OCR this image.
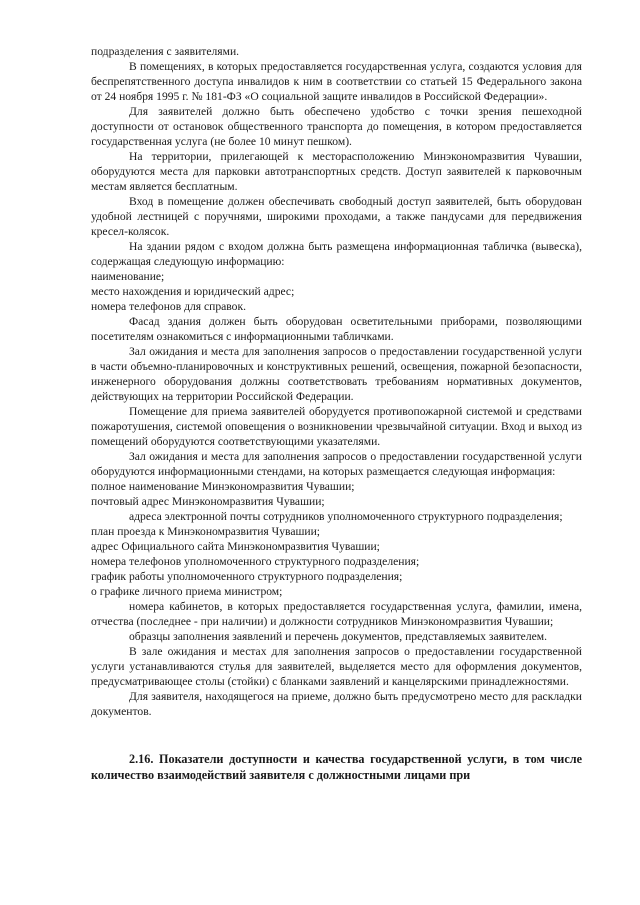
подразделения с заявителями.

В помещениях, в которых предоставляется государственная услуга, создаются условия для беспрепятственного доступа инвалидов к ним в соответствии со статьей 15 Федерального закона от 24 ноября 1995 г. № 181-ФЗ «О социальной защите инвалидов в Российской Федерации».

Для заявителей должно быть обеспечено удобство с точки зрения пешеходной доступности от остановок общественного транспорта до помещения, в котором предоставляется государственная услуга (не более 10 минут пешком).

На территории, прилегающей к месторасположению Минэкономразвития Чувашии, оборудуются места для парковки автотранспортных средств. Доступ заявителей к парковочным местам является бесплатным.

Вход в помещение должен обеспечивать свободный доступ заявителей, быть оборудован удобной лестницей с поручнями, широкими проходами, а также пандусами для передвижения кресел-колясок.

На здании рядом с входом должна быть размещена информационная табличка (вывеска), содержащая следующую информацию:

наименование;

место нахождения и юридический адрес;

номера телефонов для справок.

Фасад здания должен быть оборудован осветительными приборами, позволяющими посетителям ознакомиться с информационными табличками.

Зал ожидания и места для заполнения запросов о предоставлении государственной услуги в части объемно-планировочных и конструктивных решений, освещения, пожарной безопасности, инженерного оборудования должны соответствовать требованиям нормативных документов, действующих на территории Российской Федерации.

Помещение для приема заявителей оборудуется противопожарной системой и средствами пожаротушения, системой оповещения о возникновении чрезвычайной ситуации. Вход и выход из помещений оборудуются соответствующими указателями.

Зал ожидания и места для заполнения запросов о предоставлении государственной услуги оборудуются информационными стендами, на которых размещается следующая информация:

полное наименование Минэкономразвития Чувашии;

почтовый адрес Минэкономразвития Чувашии;

адреса электронной почты сотрудников уполномоченного структурного подразделения;

план проезда к Минэкономразвития Чувашии;

адрес Официального сайта Минэкономразвития Чувашии;

номера телефонов уполномоченного структурного подразделения;

график работы уполномоченного структурного подразделения;

о графике личного приема министром;

номера кабинетов, в которых предоставляется государственная услуга, фамилии, имена, отчества (последнее - при наличии) и должности сотрудников Минэкономразвития Чувашии;

образцы заполнения заявлений и перечень документов, представляемых заявителем.

В зале ожидания и местах для заполнения запросов о предоставлении государственной услуги устанавливаются стулья для заявителей, выделяется место для оформления документов, предусматривающее столы (стойки) с бланками заявлений и канцелярскими принадлежностями.

Для заявителя, находящегося на приеме, должно быть предусмотрено место для раскладки документов.

2.16. Показатели доступности и качества государственной услуги, в том числе количество взаимодействий заявителя с должностными лицами при
